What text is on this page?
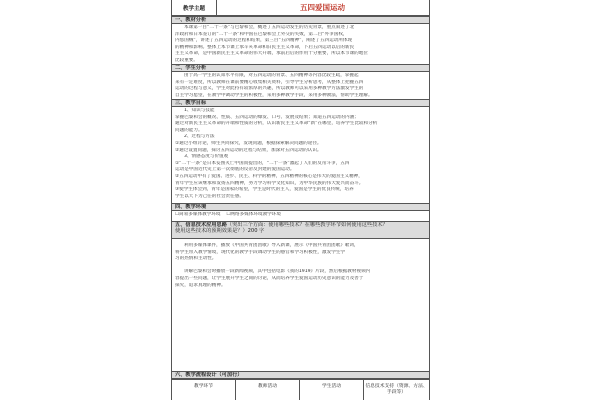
教学主题	五四爱国运动
一、教材分析

本课第一目“二十一条”与巴黎和会，概述了五四运动发生的历史背景，重点叙述了北

洋政府和日本签订的“二十一条”和中国在巴黎和会上外交的失败，第二目“外争国权，

内惩国贼”，讲述了五四运动的过程和结果，第三目“五四精神”，阐述了五四运动所体现

的精神和影响。整体上本节课上承辛亥革命和旧民主主义革命，下启五四运动以后的新民

主主义革命，是中国新民主主义革命的伟大开端，承前启后的作用十分重要，所以本节课的地位

比较重要。

二、学生分析

由于高一学生的认知水平有限，对五四运动的背景、五四精神等内容比较生疏，掌握起

来有一定难度，所以教师在课前要精心收集相关资料，引导学生分析思考，从整体上把握五四

运动的过程与意义，学生对此持有较浓厚的兴趣，所以教师可以采用多种教学方法激发学生的

自主学习愿望，在教学中调动学生的积极性，采用多种教学手段，采用多种教法，帮助学生理解。

三、教学目标

1、知识与技能

掌握巴黎和会的概况、性质、五四运动的爆发、口号、发展及结果；知道五四运动的内涵；

通过对新民主主义革命的开端和性质的分析，认识新民主主义革命“新”在哪里，培养学生比较和分析

问题的能力。

2、过程与方法

①通过小组讨论，师生共同探究，发现问题，根据探索解决问题的途径。

②通过设置问题，探讨五四运动的过程与结果，加深对五四运动的认识。

3、情感态度与价值观

①“二十一条”是日本妄图灭亡中国而提出的，“二十一条”激起了人们的反帝斗争，五四

运动是中国近代史上第一次彻底的反帝反封建的爱国运动。

②五四运动中有了爱国、进步、民主、科学的精神，五四精神的核心是伟大的爱国主义精神，

青年学生应该继承和发扬五四精神，努力学习科学文化知识，为中华民族的伟大复兴而奋斗。

③使学生体会到，青年是国家的希望，学生是时代的主人，爱国是学生的优良传统，培养

学生以天下为己任的社会责任感。

四、教学环境

☐简易多媒体教学环境 ☐网络多媒体环境教学环境

五、信息技术应用思路（突出三个方面：使用哪些技术？在哪些教学环节如何使用这些技术？
使用这些技术的预期效果是？）200 字

利用多媒体课件，播放《中国共青团团歌》导入新课，展示《中国共青团团歌》歌词，

将学生带入教学情境，现代化的教学手段调动学生的感官和学习积极性，激发学生学

习的热情和主动性。

讲解巴黎和会时播放一段新闻视频，其中包括电影《我的1919》片段，然后根据教材视频内

容提出一些问题，让学生展开学生之间的讨论，从而培养学生爱国运动历史意识的能力及善于

探究，追求真理的精神。

六、教学流程设计（可加行）
教学环节	教师活动	学生活动	信息技术支持（资源、方法、手段等）
